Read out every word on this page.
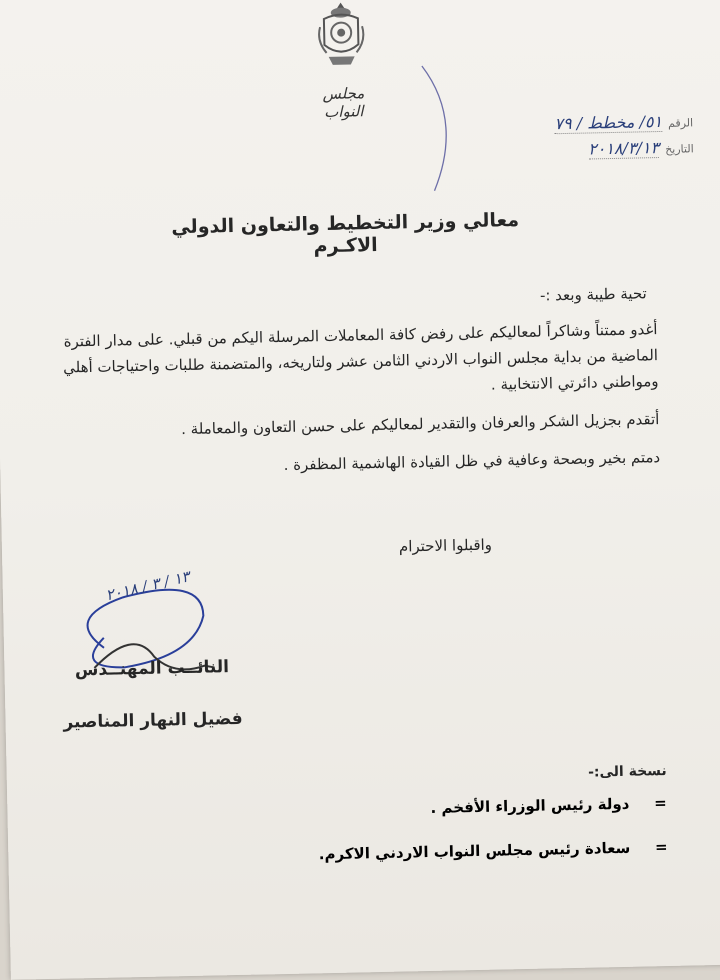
مجلس النواب
الرقم
٥١/ مخطط / ٧٩
التاريخ
٢٠١٨/٣/١٣
معالي وزير التخطيط والتعاون الدولي الاكـرم
تحية طيبة وبعد :-

أغدو ممتناً وشاكراً لمعاليكم على رفض كافة المعاملات المرسلة اليكم من قبلي. على مدار الفترة الماضية من بداية مجلس النواب الاردني الثامن عشر ولتاريخه، والمتضمنة طلبات واحتياجات أهلي ومواطني دائرتي الانتخابية .

أتقدم بجزيل الشكر والعرفان والتقدير لمعاليكم على حسن التعاون والمعاملة .

دمتم بخير وبصحة وعافية في ظل القيادة الهاشمية المظفرة .

واقبلوا الاحترام
١٣ / ٣ / ٢٠١٨
النائــب المهنــدس
فضيل النهار المناصير
نسخة الى:-
=
دولة رئيس الوزراء الأفخم .
=
سعادة رئيس مجلس النواب الاردني الاكرم.
